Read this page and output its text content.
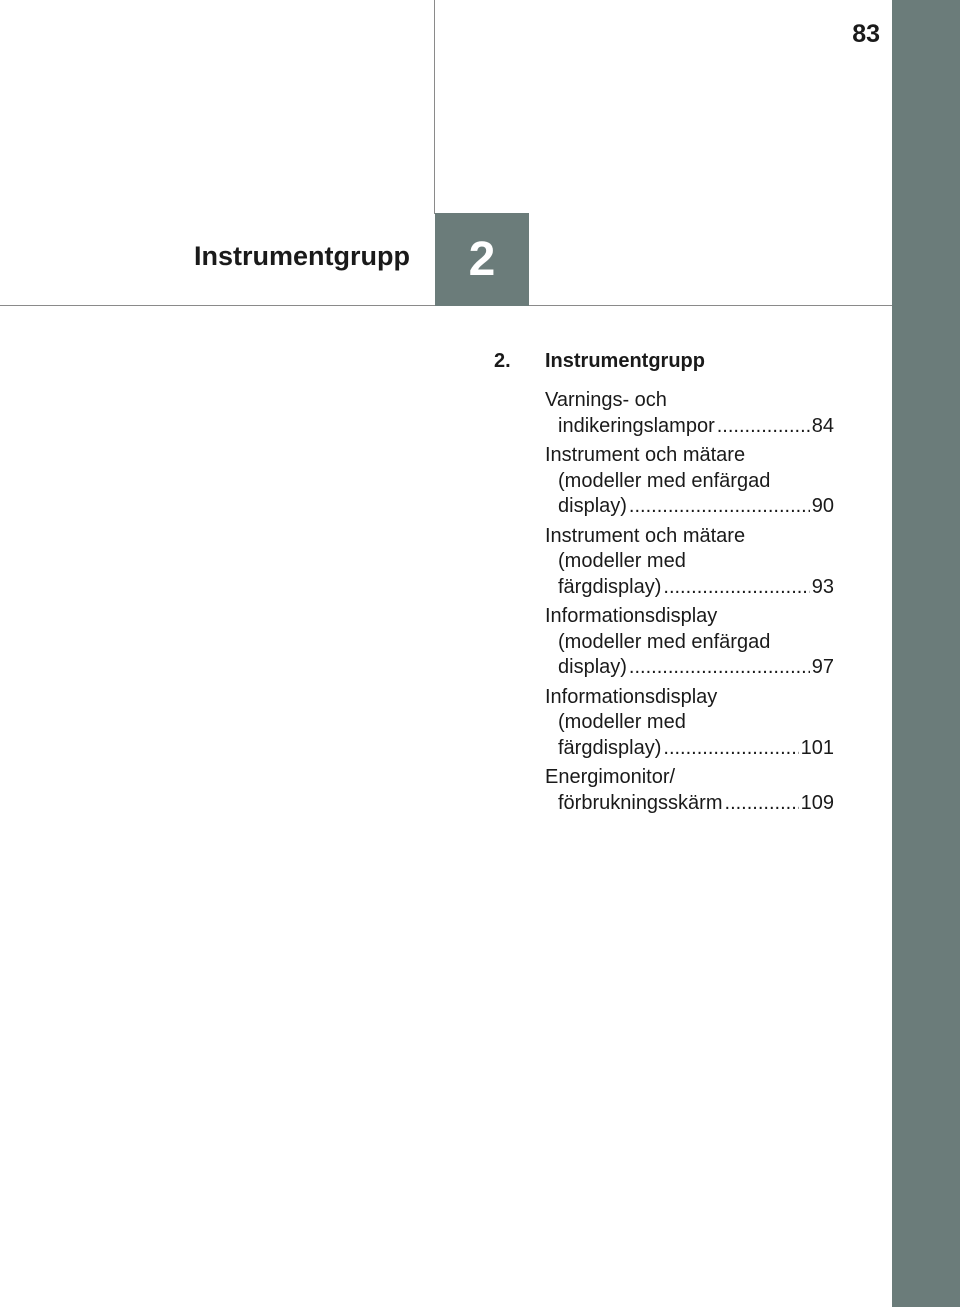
83
Instrumentgrupp 2
2. Instrumentgrupp
Varnings- och
indikeringslampor .....	84
Instrument och mätare
(modeller med enfärgad
display) .....	90
Instrument och mätare
(modeller med
färgdisplay) .....	93
Informationsdisplay
(modeller med enfärgad
display) .....	97
Informationsdisplay
(modeller med
färgdisplay) .....	101
Energimonitor/
förbrukningsskärm .....	109
